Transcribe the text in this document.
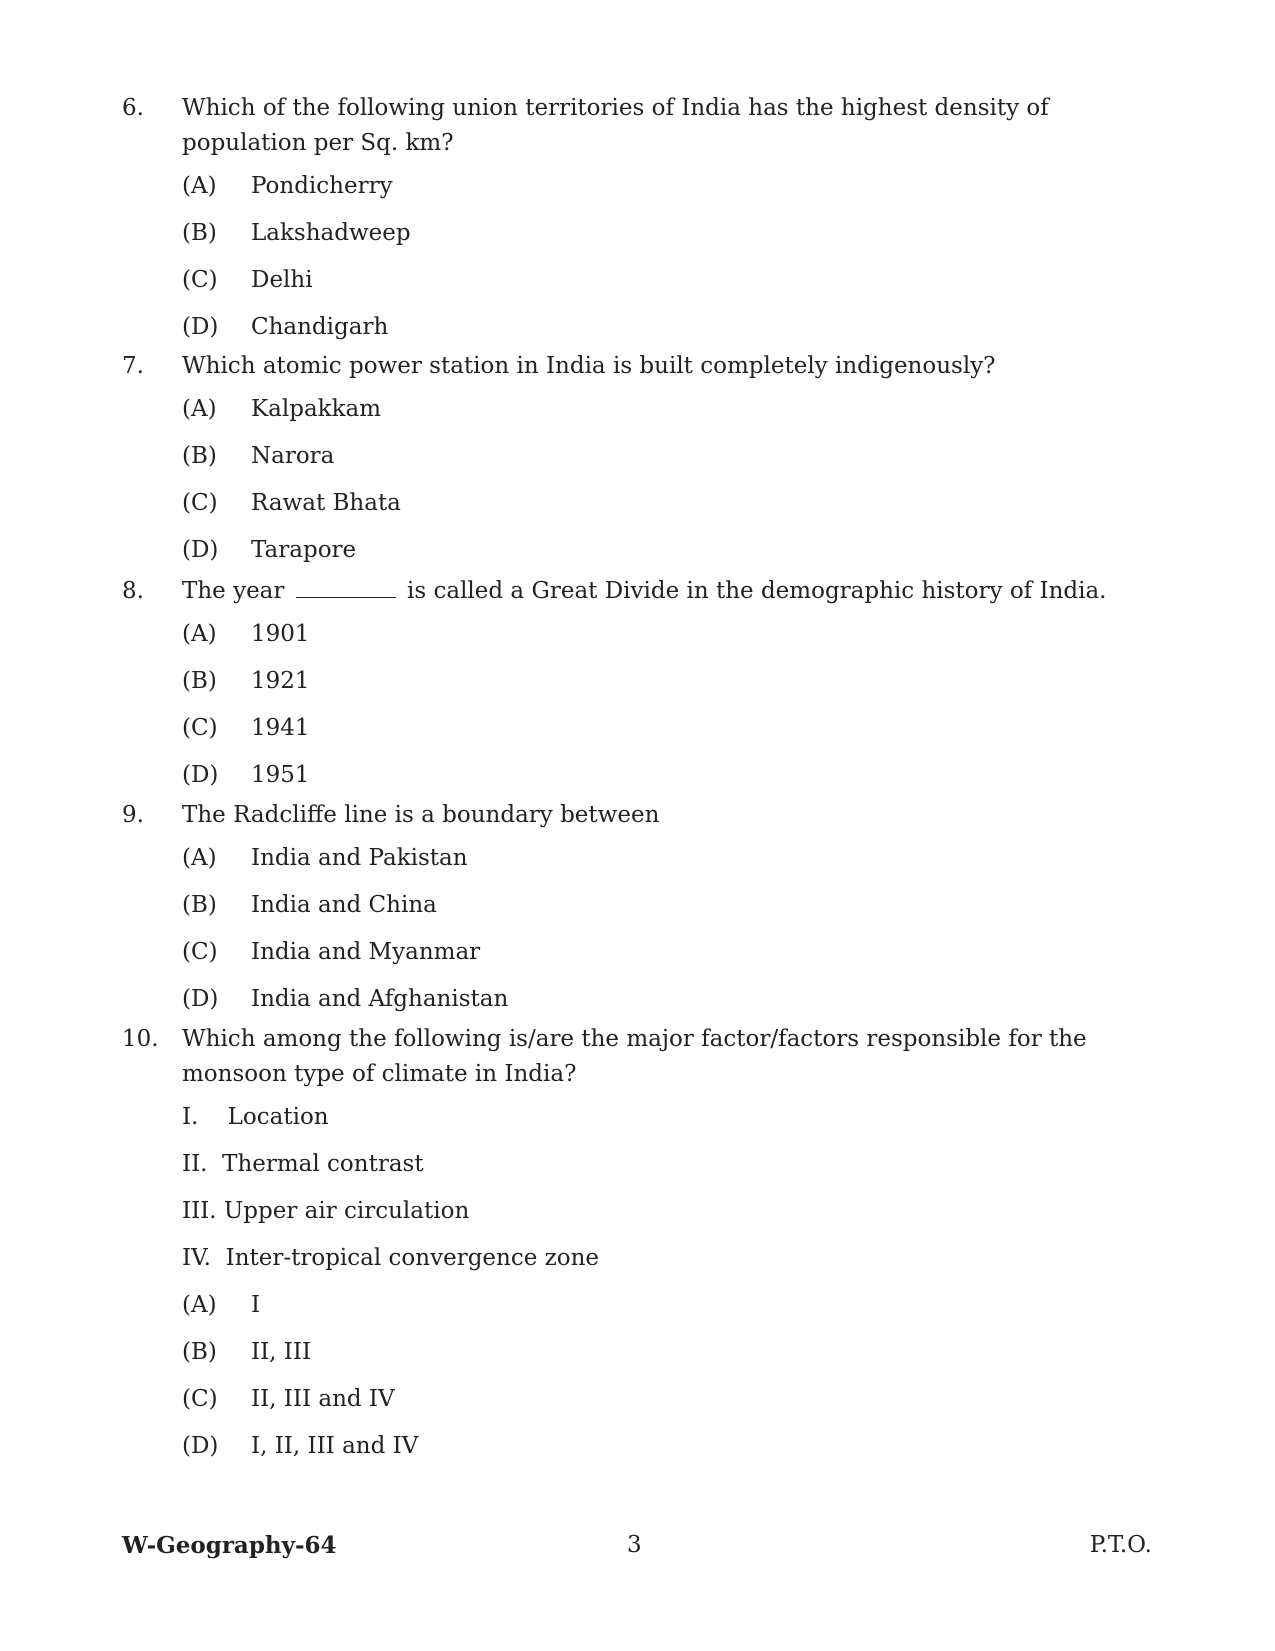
6.	Which of the following union territories of India has the highest density of population per Sq. km?
(A)	Pondicherry
(B)	Lakshadweep
(C)	Delhi
(D)	Chandigarh
7.	Which atomic power station in India is built completely indigenously?
(A)	Kalpakkam
(B)	Narora
(C)	Rawat Bhata
(D)	Tarapore
8.	The year	is called a Great Divide in the demographic history of India.
(A)	1901
(B)	1921
(C)	1941
(D)	1951
9.	The Radcliffe line is a boundary between
(A)	India and Pakistan
(B)	India and China
(C)	India and Myanmar
(D)	India and Afghanistan
10.	Which among the following is/are the major factor/factors responsible for the monsoon type of climate in India?
I.    Location
II.  Thermal contrast
III. Upper air circulation
IV.  Inter-tropical convergence zone
(A)	I
(B)	II, III
(C)	II, III and IV
(D)	I, II, III and IV
W-Geography-64	3	P.T.O.
